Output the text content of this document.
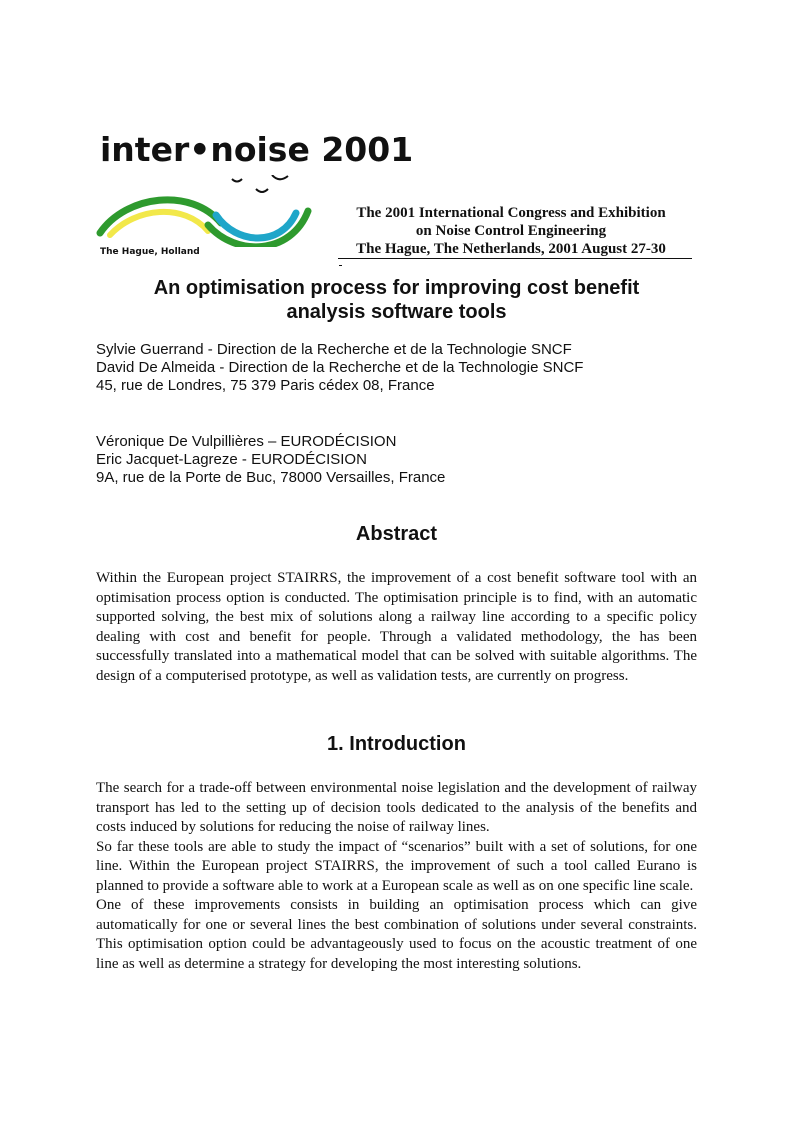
inter•noise 2001
The Hague, Holland
The 2001 International Congress and Exhibition
on Noise Control Engineering
The Hague, The Netherlands, 2001 August 27-30
An optimisation process for improving cost benefit
analysis software tools
Sylvie Guerrand - Direction de la Recherche et de la Technologie SNCF
David De Almeida - Direction de la Recherche et de la Technologie SNCF
45, rue de Londres, 75 379 Paris cédex 08, France
Véronique De Vulpillières – EURODÉCISION
Eric Jacquet-Lagreze - EURODÉCISION
9A, rue de la Porte de Buc, 78000 Versailles, France
Abstract

Within the European project STAIRRS, the improvement of a cost benefit software tool with an optimisation process option is conducted. The optimisation principle is to find, with an automatic supported solving, the best mix of solutions along a railway line according to a specific policy dealing with cost and benefit for people. Through a validated methodology, the has been successfully translated into a mathematical model that can be solved with suitable algorithms. The design of a computerised prototype, as well as validation tests, are currently on progress.

1. Introduction

The search for a trade-off between environmental noise legislation and the development of railway transport has led to the setting up of decision tools dedicated to the analysis of the benefits and costs induced by solutions for reducing the noise of railway lines.

So far these tools are able to study the impact of “scenarios” built with a set of solutions, for one line. Within the European project STAIRRS, the improvement of such a tool called Eurano is planned to provide a software able to work at a European scale as well as on one specific line scale.

One of these improvements consists in building an optimisation process which can give automatically for one or several lines the best combination of solutions under several constraints. This optimisation option could be advantageously used to focus on the acoustic treatment of one line as well as determine a strategy for developing the most interesting solutions.
